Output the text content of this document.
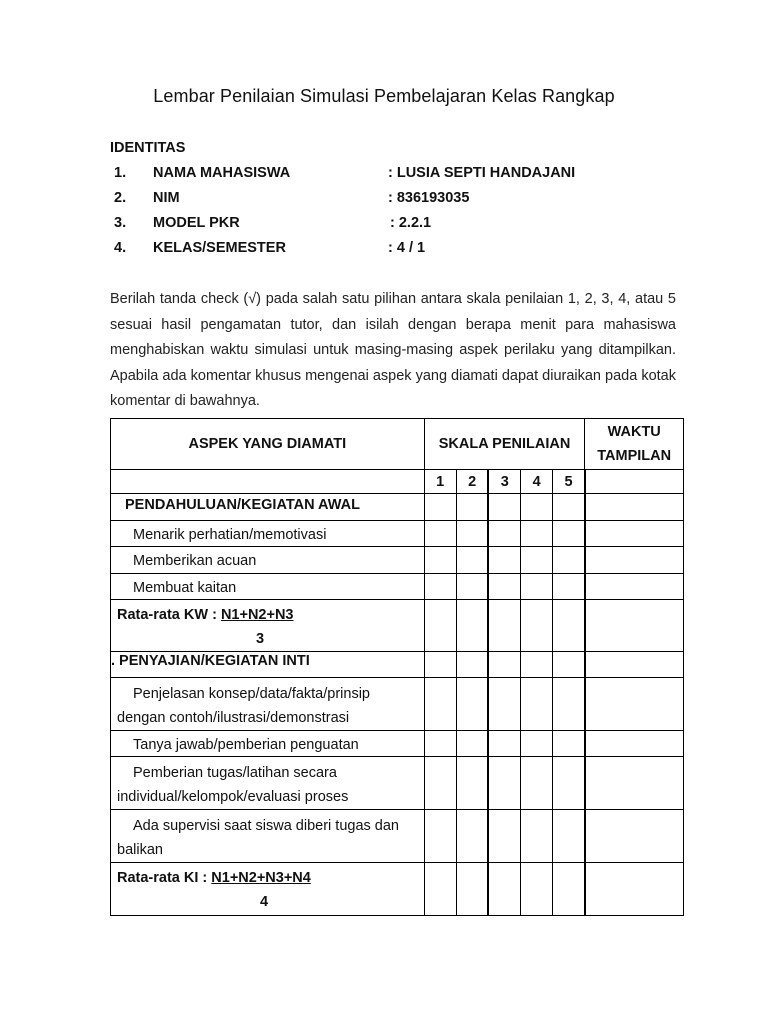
Lembar Penilaian Simulasi Pembelajaran Kelas Rangkap
IDENTITAS
1. NAMA MAHASISWA	: LUSIA SEPTI HANDAJANI
2. NIM	: 836193035
3. MODEL PKR	: 2.2.1
4. KELAS/SEMESTER	: 4 / 1
Berilah tanda check (√) pada salah satu pilihan antara skala penilaian 1, 2, 3, 4, atau 5 sesuai hasil pengamatan tutor, dan isilah dengan berapa menit para mahasiswa menghabiskan waktu simulasi untuk masing-masing aspek perilaku yang ditampilkan. Apabila ada komentar khusus mengenai aspek yang diamati dapat diuraikan pada kotak komentar di bawahnya.
ASPEK YANG DIAMATI	SKALA PENILAIAN					WAKTU
TAMPILAN
	1	2	3	4	5	
PENDAHULUAN/KEGIATAN AWAL						
Menarik perhatian/memotivasi						
Memberikan acuan						
Membuat kaitan						
Rata-rata KW : N1+N2+N3
3						
. PENYAJIAN/KEGIATAN INTI						
Penjelasan konsep/data/fakta/prinsip
dengan contoh/ilustrasi/demonstrasi						
Tanya jawab/pemberian penguatan						
Pemberian tugas/latihan secara
individual/kelompok/evaluasi proses						
Ada supervisi saat siswa diberi tugas dan
balikan						
Rata-rata KI : N1+N2+N3+N4
4						
